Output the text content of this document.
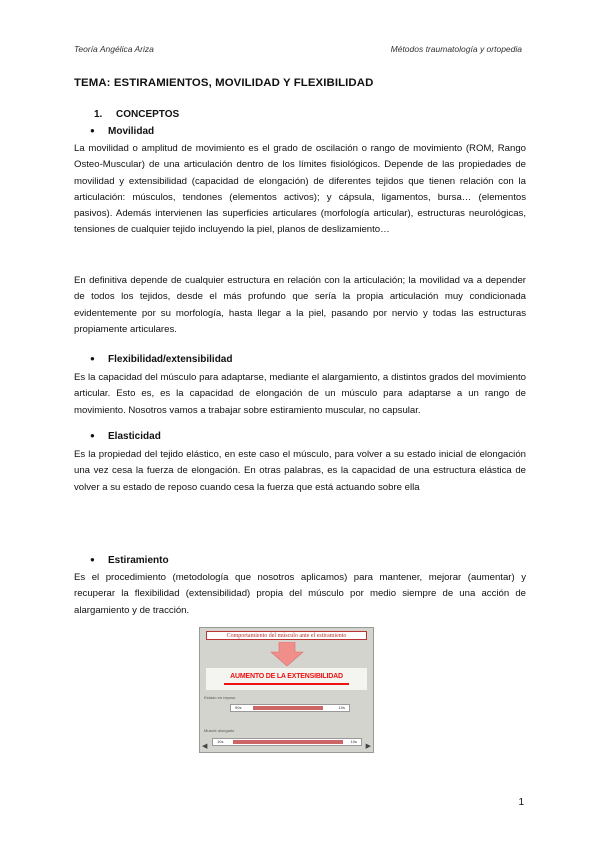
Teoría Angélica Ariza	Métodos traumatología y ortopedia
TEMA: ESTIRAMIENTOS, MOVILIDAD Y FLEXIBILIDAD
1. CONCEPTOS
● Movilidad

La movilidad o amplitud de movimiento es el grado de oscilación o rango de movimiento (ROM, Rango Osteo-Muscular) de una articulación dentro de los límites fisiológicos. Depende de las propiedades de movilidad y extensibilidad (capacidad de elongación) de diferentes tejidos que tienen relación con la articulación: músculos, tendones (elementos activos); y cápsula, ligamentos, bursa… (elementos pasivos). Además intervienen las superficies articulares (morfología articular), estructuras neurológicas, tensiones de cualquier tejido incluyendo la piel, planos de deslizamiento…

En definitiva depende de cualquier estructura en relación con la articulación; la movilidad va a depender de todos los tejidos, desde el más profundo que sería la propia articulación muy condicionada evidentemente por su morfología, hasta llegar a la piel, pasando por nervio y todas las estructuras propiamente articulares.

● Flexibilidad/extensibilidad

Es la capacidad del músculo para adaptarse, mediante el alargamiento, a distintos grados del movimiento articular. Esto es, es la capacidad de elongación de un músculo para adaptarse a un rango de movimiento. Nosotros vamos a trabajar sobre estiramiento muscular, no capsular.

● Elasticidad

Es la propiedad del tejido elástico, en este caso el músculo, para volver a su estado inicial de elongación una vez cesa la fuerza de elongación. En otras palabras, es la capacidad de una estructura elástica de volver a su estado de reposo cuando cesa la fuerza que está actuando sobre ella

● Estiramiento

Es el procedimiento (metodología que nosotros aplicamos) para mantener, mejorar (aumentar) y recuperar la flexibilidad (extensibilidad) propia del músculo por medio siempre de una acción de alargamiento y de tracción.

Comportamiento del músculo ante el estiramiento
AUMENTO DE LA EXTENSIBILIDAD
Estado en reposo
90s	10s
Muscle alongado
10s	10s
◀	▶
1
